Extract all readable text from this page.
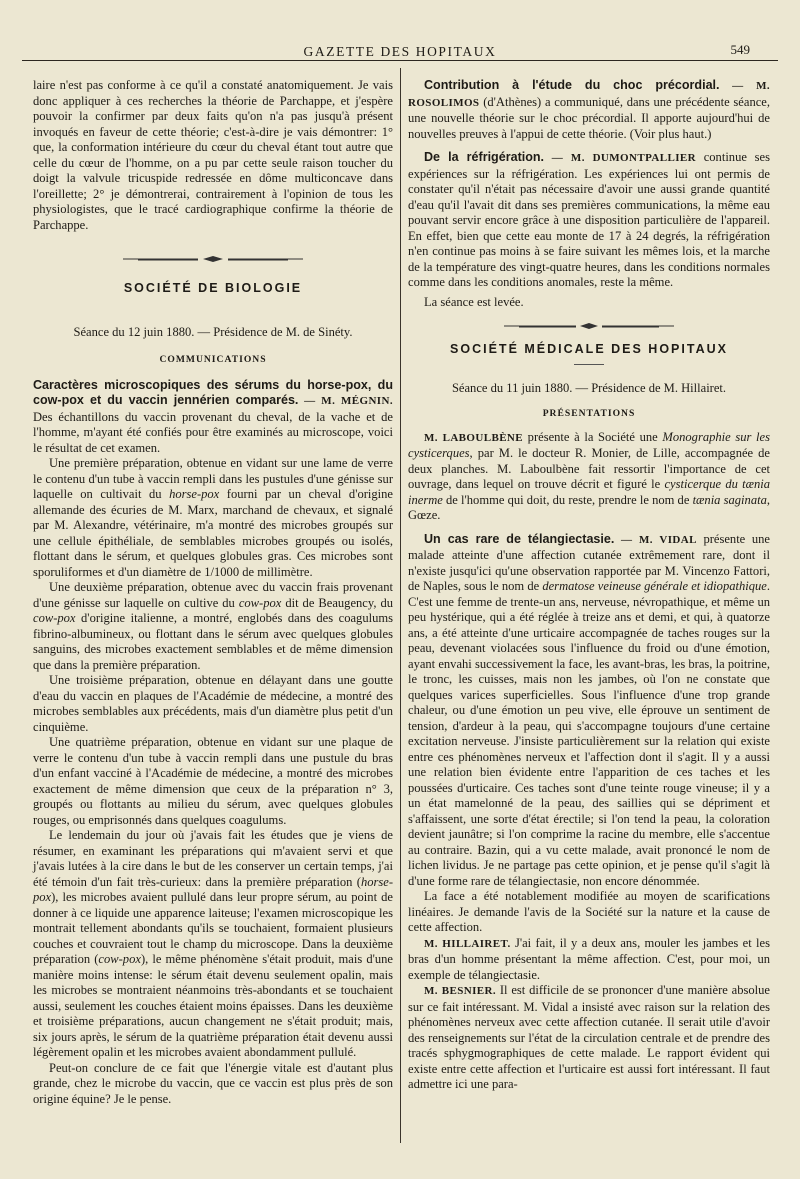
GAZETTE DES HOPITAUX	549

laire n'est pas conforme à ce qu'il a constaté anatomiquement. Je vais donc appliquer à ces recherches la théorie de Parchappe, et j'espère pouvoir la confirmer par deux faits qu'on n'a pas jusqu'à présent invoqués en faveur de cette théorie; c'est-à-dire je vais démontrer: 1° que, la conformation intérieure du cœur du cheval étant tout autre que celle du cœur de l'homme, on a pu par cette seule raison toucher du doigt la valvule tricuspide redressée en dôme multiconcave dans l'oreillette; 2° je démontrerai, contrairement à l'opinion de tous les physiologistes, que le tracé cardiographique confirme la théorie de Parchappe.

SOCIÉTÉ DE BIOLOGIE

Séance du 12 juin 1880. — Présidence de M. de Sinéty.

COMMUNICATIONS

Caractères microscopiques des sérums du horse-pox, du cow-pox et du vaccin jennérien comparés. — M. MÉGNIN. Des échantillons du vaccin provenant du cheval, de la vache et de l'homme, m'ayant été confiés pour être examinés au microscope, voici le résultat de cet examen.

Une première préparation, obtenue en vidant sur une lame de verre le contenu d'un tube à vaccin rempli dans les pustules d'une génisse sur laquelle on cultivait du horse-pox fourni par un cheval d'origine allemande des écuries de M. Marx, marchand de chevaux, et signalé par M. Alexandre, vétérinaire, m'a montré des microbes groupés sur une cellule épithéliale, de semblables microbes groupés ou isolés, flottant dans le sérum, et quelques globules gras. Ces microbes sont sporuliformes et d'un diamètre de 1/1000 de millimètre.

Une deuxième préparation, obtenue avec du vaccin frais provenant d'une génisse sur laquelle on cultive du cow-pox dit de Beaugency, du cow-pox d'origine italienne, a montré, englobés dans des coagulums fibrino-albumineux, ou flottant dans le sérum avec quelques globules sanguins, des microbes exactement semblables et de même dimension que dans la première préparation.

Une troisième préparation, obtenue en délayant dans une goutte d'eau du vaccin en plaques de l'Académie de médecine, a montré des microbes semblables aux précédents, mais d'un diamètre plus petit d'un cinquième.

Une quatrième préparation, obtenue en vidant sur une plaque de verre le contenu d'un tube à vaccin rempli dans une pustule du bras d'un enfant vacciné à l'Académie de médecine, a montré des microbes exactement de même dimension que ceux de la préparation n° 3, groupés ou flottants au milieu du sérum, avec quelques globules rouges, ou emprisonnés dans quelques coagulums.

Le lendemain du jour où j'avais fait les études que je viens de résumer, en examinant les préparations qui m'avaient servi et que j'avais lutées à la cire dans le but de les conserver un certain temps, j'ai été témoin d'un fait très-curieux: dans la première préparation (horse-pox), les microbes avaient pullulé dans leur propre sérum, au point de donner à ce liquide une apparence laiteuse; l'examen microscopique les montrait tellement abondants qu'ils se touchaient, formaient plusieurs couches et couvraient tout le champ du microscope. Dans la deuxième préparation (cow-pox), le même phénomène s'était produit, mais d'une manière moins intense: le sérum était devenu seulement opalin, mais les microbes se montraient néanmoins très-abondants et se touchaient aussi, seulement les couches étaient moins épaisses. Dans les deuxième et troisième préparations, aucun changement ne s'était produit; mais, six jours après, le sérum de la quatrième préparation était devenu aussi légèrement opalin et les microbes avaient abondamment pullulé.

Peut-on conclure de ce fait que l'énergie vitale est d'autant plus grande, chez le microbe du vaccin, que ce vaccin est plus près de son origine équine? Je le pense.

Contribution à l'étude du choc précordial. — M. ROSOLIMOS (d'Athènes) a communiqué, dans une précédente séance, une nouvelle théorie sur le choc précordial. Il apporte aujourd'hui de nouvelles preuves à l'appui de cette théorie. (Voir plus haut.)

De la réfrigération. — M. DUMONTPALLIER continue ses expériences sur la réfrigération. Les expériences lui ont permis de constater qu'il n'était pas nécessaire d'avoir une aussi grande quantité d'eau qu'il l'avait dit dans ses premières communications, la même eau pouvant servir encore grâce à une disposition particulière de l'appareil. En effet, bien que cette eau monte de 17 à 24 degrés, la réfrigération n'en continue pas moins à se faire suivant les mêmes lois, et la marche de la température des vingt-quatre heures, dans les conditions normales comme dans les conditions anomales, reste la même.

La séance est levée.

SOCIÉTÉ MÉDICALE DES HOPITAUX

Séance du 11 juin 1880. — Présidence de M. Hillairet.

PRÉSENTATIONS

M. LABOULBÈNE présente à la Société une Monographie sur les cysticerques, par M. le docteur R. Monier, de Lille, accompagnée de deux planches. M. Laboulbène fait ressortir l'importance de cet ouvrage, dans lequel on trouve décrit et figuré le cysticerque du tænia inerme de l'homme qui doit, du reste, prendre le nom de tænia saginata, Gœze.

Un cas rare de télangiectasie. — M. VIDAL présente une malade atteinte d'une affection cutanée extrêmement rare, dont il n'existe jusqu'ici qu'une observation rapportée par M. Vincenzo Fattori, de Naples, sous le nom de dermatose veineuse générale et idiopathique. C'est une femme de trente-un ans, nerveuse, névropathique, et même un peu hystérique, qui a été réglée à treize ans et demi, et qui, à quatorze ans, a été atteinte d'une urticaire accompagnée de taches rouges sur la peau, devenant violacées sous l'influence du froid ou d'une émotion, ayant envahi successivement la face, les avant-bras, les bras, la poitrine, le tronc, les cuisses, mais non les jambes, où l'on ne constate que quelques varices superficielles. Sous l'influence d'une trop grande chaleur, ou d'une émotion un peu vive, elle éprouve un sentiment de tension, d'ardeur à la peau, qui s'accompagne toujours d'une certaine excitation nerveuse. J'insiste particulièrement sur la relation qui existe entre ces phénomènes nerveux et l'affection dont il s'agit. Il y a aussi une relation bien évidente entre l'apparition de ces taches et les poussées d'urticaire. Ces taches sont d'une teinte rouge vineuse; il y a un état mamelonné de la peau, des saillies qui se dépriment et s'affaissent, une sorte d'état érectile; si l'on tend la peau, la coloration devient jaunâtre; si l'on comprime la racine du membre, elle s'accentue au contraire. Bazin, qui a vu cette malade, avait prononcé le nom de lichen lividus. Je ne partage pas cette opinion, et je pense qu'il s'agit là d'une forme rare de télangiectasie, non encore dénommée.

La face a été notablement modifiée au moyen de scarifications linéaires. Je demande l'avis de la Société sur la nature et la cause de cette affection.

M. HILLAIRET. J'ai fait, il y a deux ans, mouler les jambes et les bras d'un homme présentant la même affection. C'est, pour moi, un exemple de télangiectasie.

M. BESNIER. Il est difficile de se prononcer d'une manière absolue sur ce fait intéressant. M. Vidal a insisté avec raison sur la relation des phénomènes nerveux avec cette affection cutanée. Il serait utile d'avoir des renseignements sur l'état de la circulation centrale et de prendre des tracés sphygmographiques de cette malade. Le rapport évident qui existe entre cette affection et l'urticaire est aussi fort intéressant. Il faut admettre ici une para-
